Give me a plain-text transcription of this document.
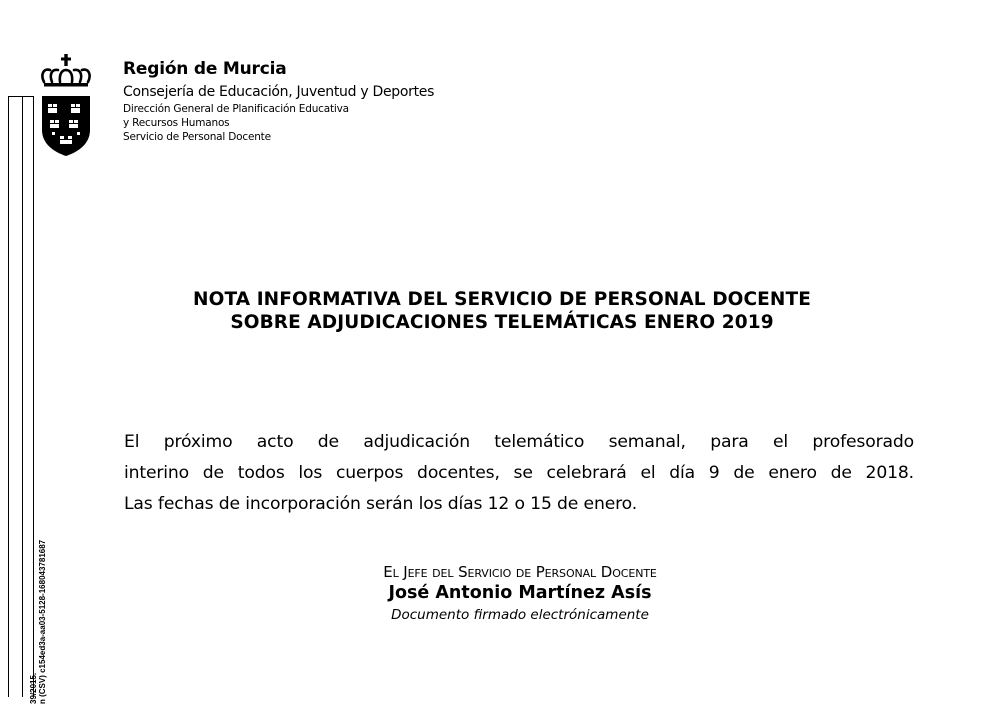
39/2015. n (CSV) c154ed3a-aa03-5128-168043781687
Región de Murcia
Consejería de Educación, Juventud y Deportes
Dirección General de Planificación Educativa
y Recursos Humanos
Servicio de Personal Docente
NOTA INFORMATIVA DEL SERVICIO DE PERSONAL DOCENTE
SOBRE ADJUDICACIONES TELEMÁTICAS ENERO 2019
El próximo acto de adjudicación telemático semanal, para el profesorado
interino de todos los cuerpos docentes, se celebrará el día 9 de enero de 2018.
Las fechas de incorporación serán los días 12 o 15 de enero.
El Jefe del Servicio de Personal Docente
José Antonio Martínez Asís
Documento firmado electrónicamente
